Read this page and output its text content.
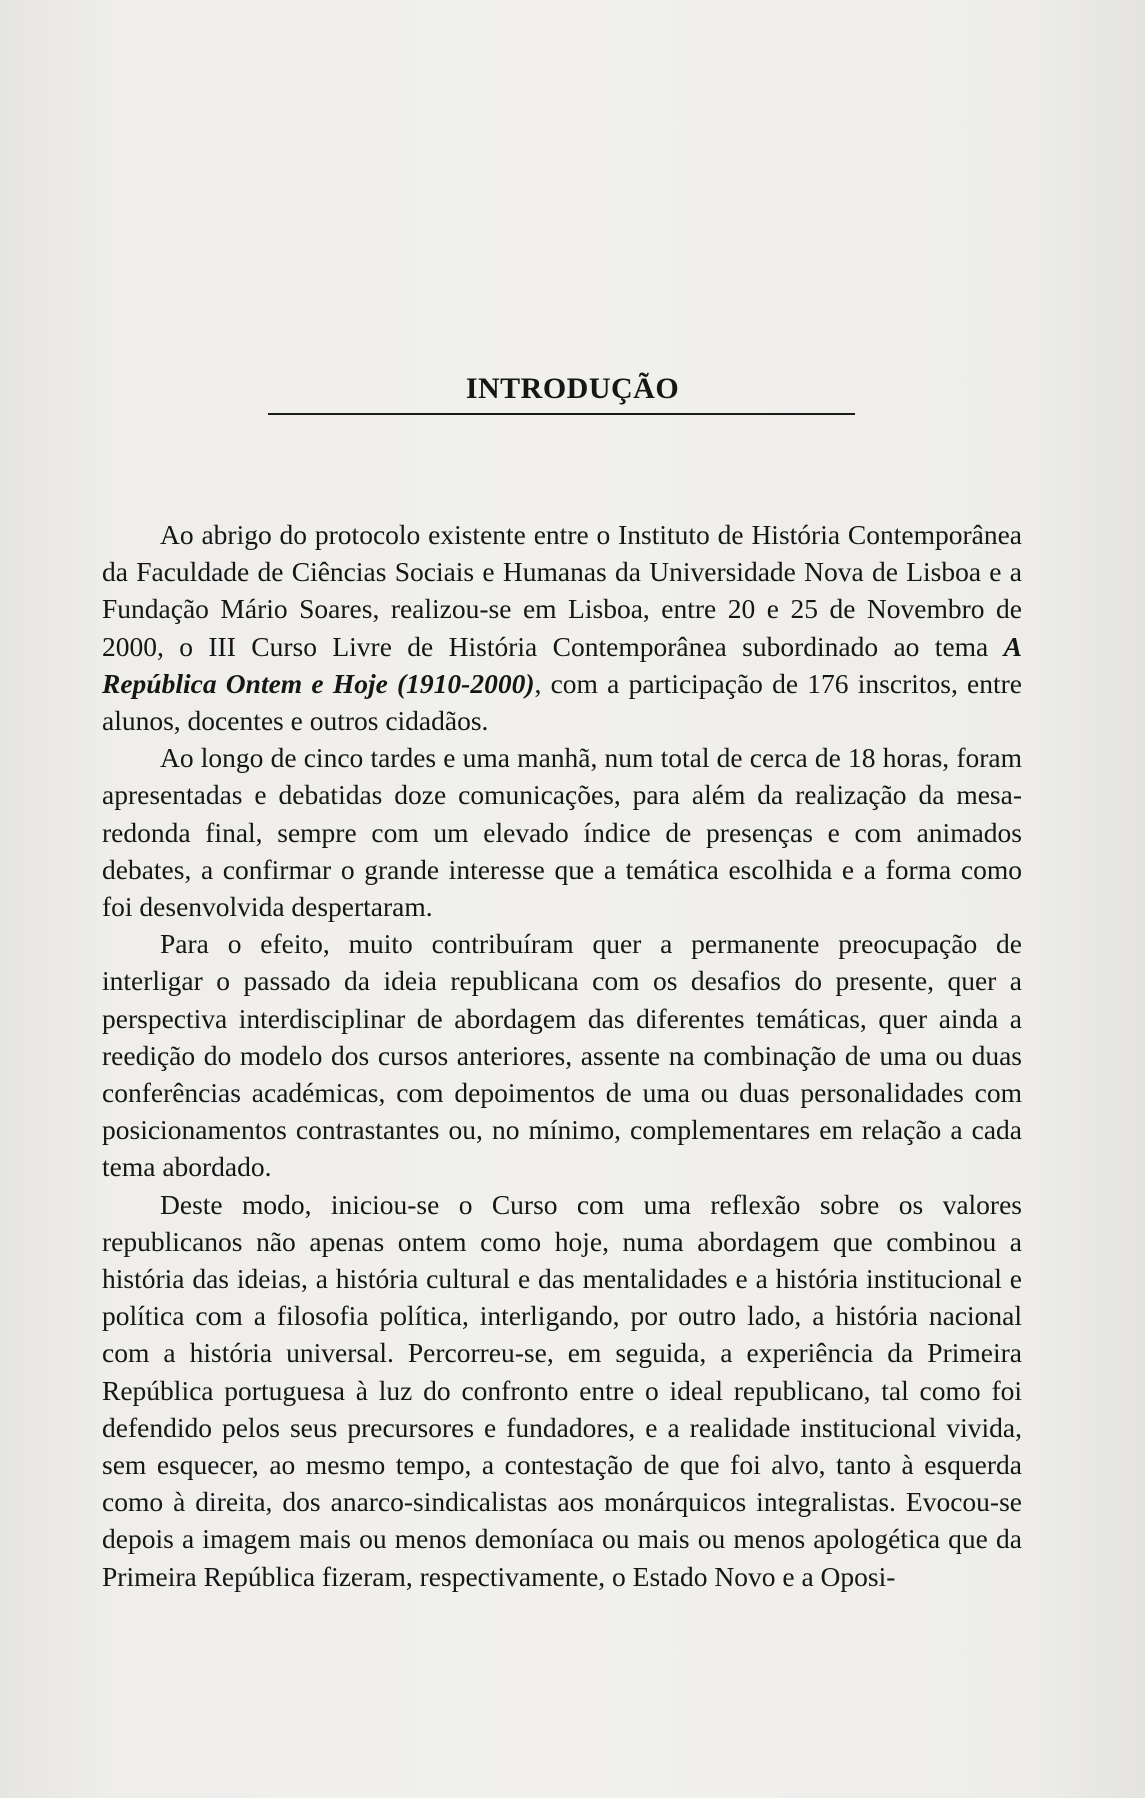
INTRODUÇÃO

Ao abrigo do protocolo existente entre o Instituto de História Contemporânea da Faculdade de Ciências Sociais e Humanas da Universidade Nova de Lisboa e a Fundação Mário Soares, realizou-se em Lisboa, entre 20 e 25 de Novembro de 2000, o III Curso Livre de História Contemporânea subordinado ao tema A República Ontem e Hoje (1910-2000), com a participação de 176 inscritos, entre alunos, docentes e outros cidadãos.

Ao longo de cinco tardes e uma manhã, num total de cerca de 18 horas, foram apresentadas e debatidas doze comunicações, para além da realização da mesa-redonda final, sempre com um elevado índice de presenças e com animados debates, a confirmar o grande interesse que a temática escolhida e a forma como foi desenvolvida despertaram.

Para o efeito, muito contribuíram quer a permanente preocupação de interligar o passado da ideia republicana com os desafios do presente, quer a perspectiva interdisciplinar de abordagem das diferentes temáticas, quer ainda a reedição do modelo dos cursos anteriores, assente na combinação de uma ou duas conferências académicas, com depoimentos de uma ou duas personalidades com posicionamentos contrastantes ou, no mínimo, complementares em relação a cada tema abordado.

Deste modo, iniciou-se o Curso com uma reflexão sobre os valores republicanos não apenas ontem como hoje, numa abordagem que combinou a história das ideias, a história cultural e das mentalidades e a história institucional e política com a filosofia política, interligando, por outro lado, a história nacional com a história universal. Percorreu-se, em seguida, a experiência da Primeira República portuguesa à luz do confronto entre o ideal republicano, tal como foi defendido pelos seus precursores e fundadores, e a realidade institucional vivida, sem esquecer, ao mesmo tempo, a contestação de que foi alvo, tanto à esquerda como à direita, dos anarco-sindicalistas aos monárquicos integralistas. Evocou-se depois a imagem mais ou menos demoníaca ou mais ou menos apologética que da Primeira República fizeram, respectivamente, o Estado Novo e a Oposi-
